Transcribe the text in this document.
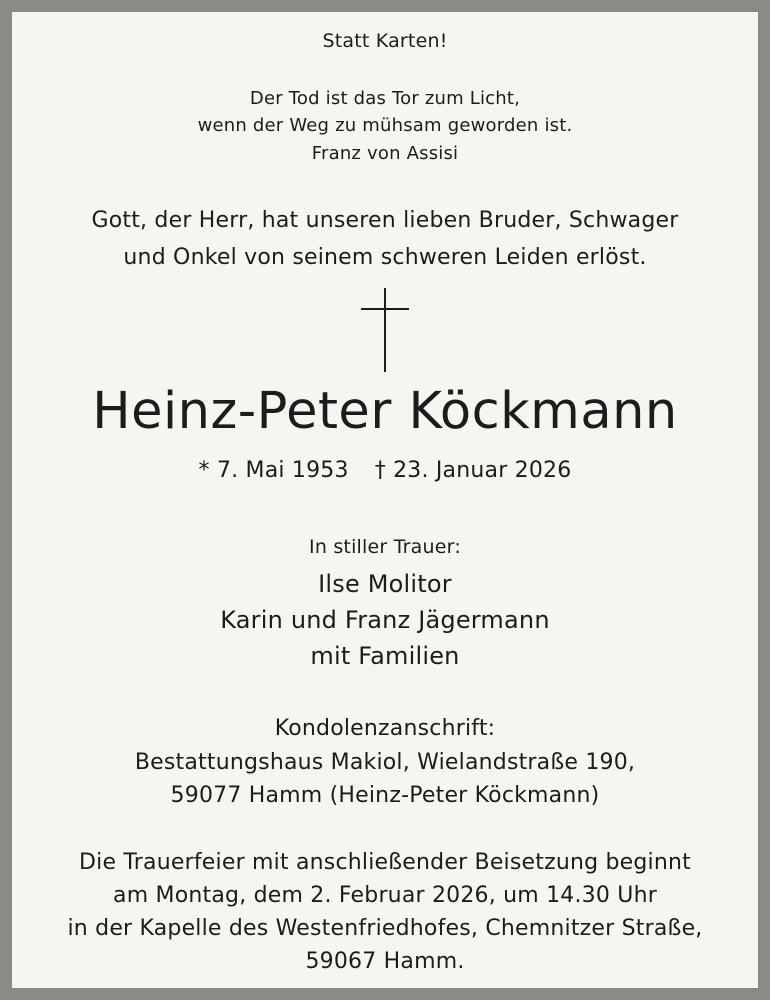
Statt Karten!
Der Tod ist das Tor zum Licht,
wenn der Weg zu mühsam geworden ist.
Franz von Assisi
Gott, der Herr, hat unseren lieben Bruder, Schwager
und Onkel von seinem schweren Leiden erlöst.
Heinz-Peter Köckmann
* 7. Mai 1953 † 23. Januar 2026
In stiller Trauer:
Ilse Molitor
Karin und Franz Jägermann
mit Familien
Kondolenzanschrift:
Bestattungshaus Makiol, Wielandstraße 190,
59077 Hamm (Heinz-Peter Köckmann)
Die Trauerfeier mit anschließender Beisetzung beginnt
am Montag, dem 2. Februar 2026, um 14.30 Uhr
in der Kapelle des Westenfriedhofes, Chemnitzer Straße,
59067 Hamm.
